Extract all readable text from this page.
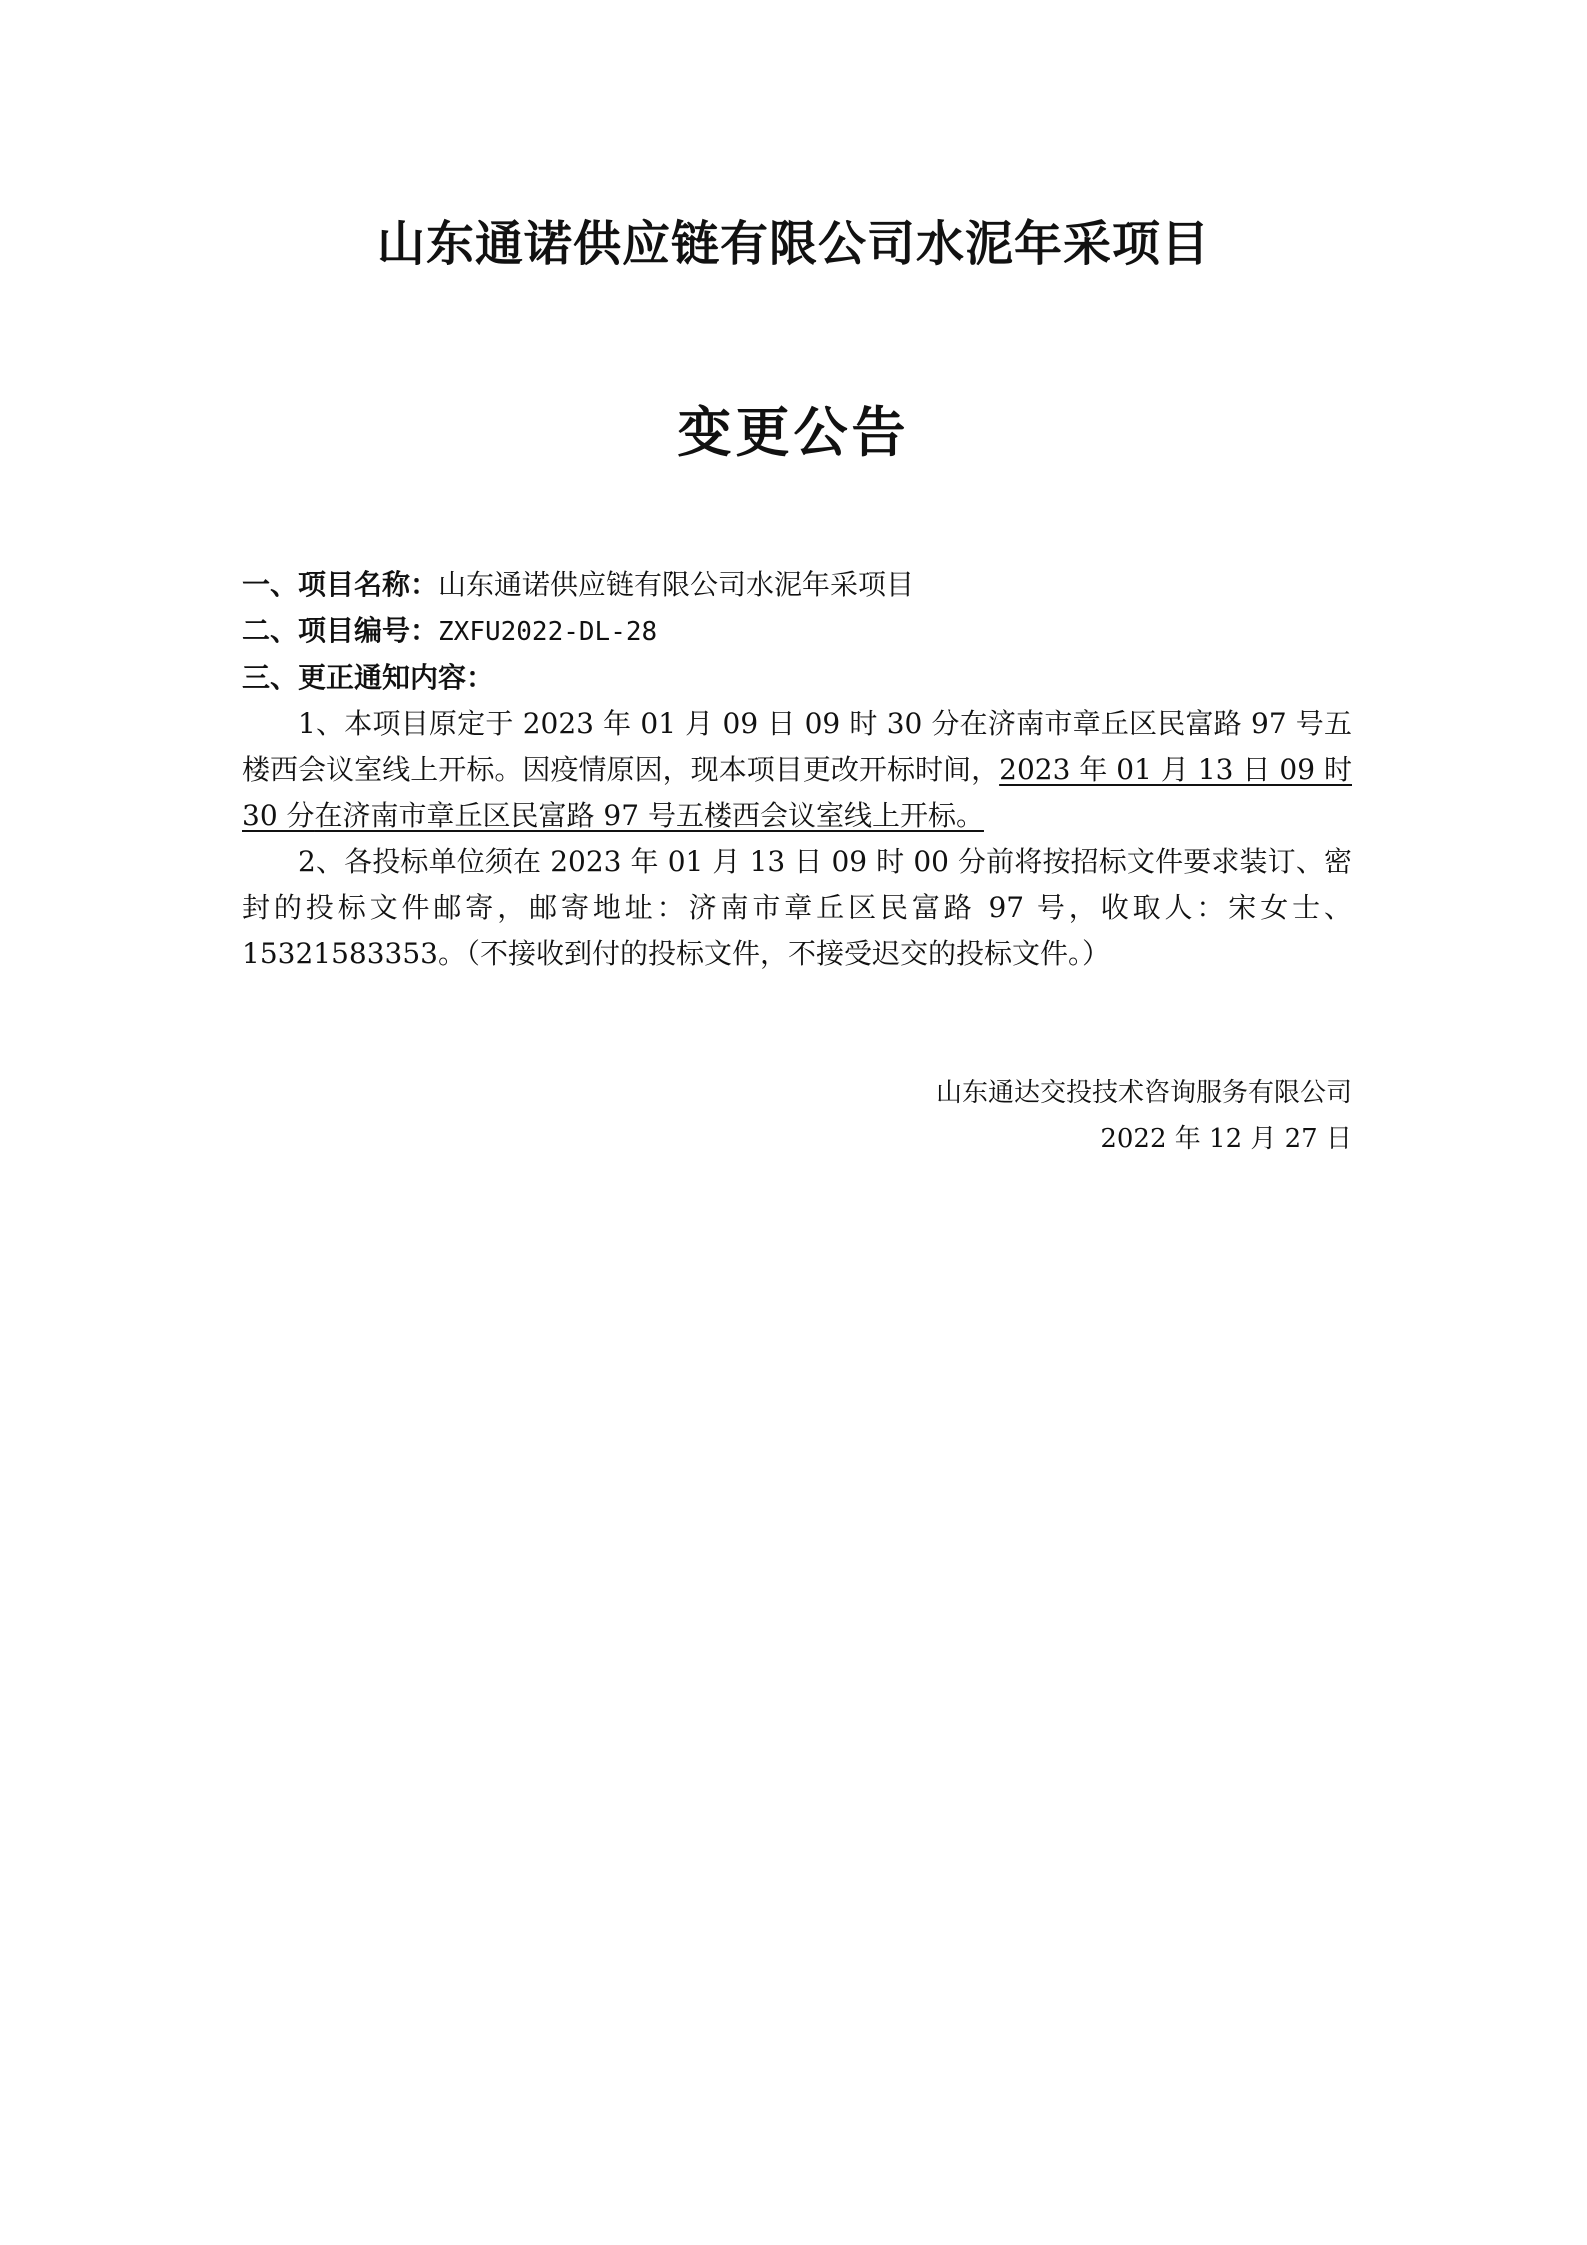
山东通诺供应链有限公司水泥年采项目
变更公告
一、项目名称：山东通诺供应链有限公司水泥年采项目
二、项目编号：ZXFU2022-DL-28
三、更正通知内容：
1、本项目原定于 2023 年 01 月 09 日 09 时 30 分在济南市章丘区民富路 97 号五楼西会议室线上开标。因疫情原因，现本项目更改开标时间，2023 年 01 月 13 日 09 时 30 分在济南市章丘区民富路 97 号五楼西会议室线上开标。
2、各投标单位须在 2023 年 01 月 13 日 09 时 00 分前将按招标文件要求装订、密封的投标文件邮寄，邮寄地址：济南市章丘区民富路 97 号，收取人：宋女士、15321583353。（不接收到付的投标文件，不接受迟交的投标文件。）
山东通达交投技术咨询服务有限公司
2022 年 12 月 27 日
